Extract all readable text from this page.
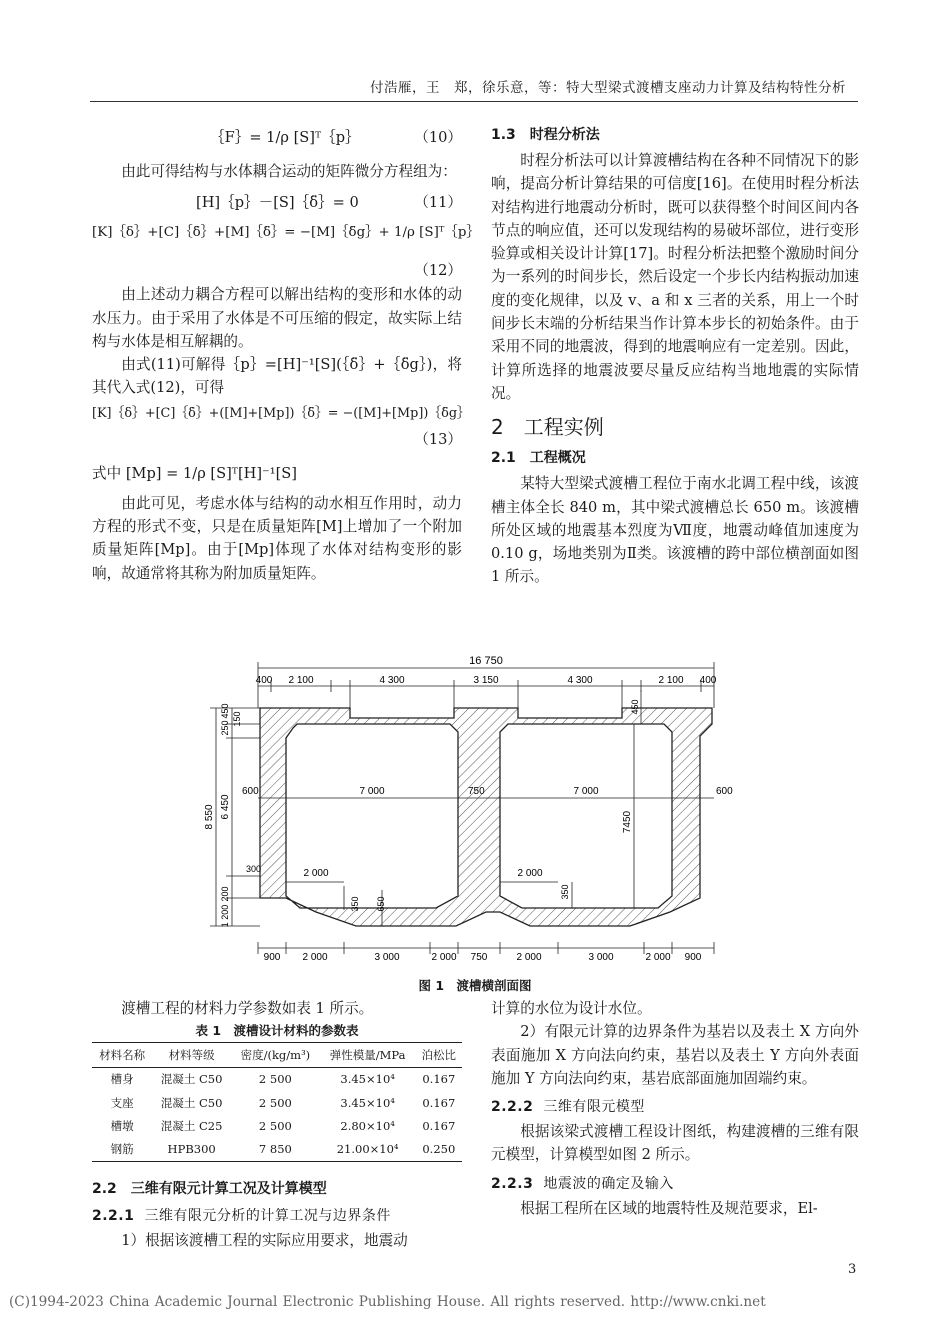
付浩雁，王　郑，徐乐意，等：特大型梁式渡槽支座动力计算及结构特性分析
｛F｝= 1/ρ [S]ᵀ｛p｝	（10）

由此可得结构与水体耦合运动的矩阵微分方程组为：

[H]｛p｝－[S]｛δ̈｝= 0	（11）
[K]｛δ｝+[C]｛δ̇｝+[M]｛δ̈｝= −[M]｛δ̈g｝+ 1/ρ [S]ᵀ｛p｝
（12）

由上述动力耦合方程可以解出结构的变形和水体的动水压力。由于采用了水体是不可压缩的假定，故实际上结构与水体是相互解耦的。

由式(11)可解得｛p｝=[H]⁻¹[S](｛δ̈｝+｛δ̈g｝)，将其代入式(12)，可得

[K]｛δ｝+[C]｛δ̇｝+([M]+[Mp])｛δ̈｝= −([M]+[Mp])｛δ̈g｝
（13）
式中 [Mp] = 1/ρ [S]ᵀ[H]⁻¹[S]

由此可见，考虑水体与结构的动水相互作用时，动力方程的形式不变，只是在质量矩阵[M]上增加了一个附加质量矩阵[Mp]。由于[Mp]体现了水体对结构变形的影响，故通常将其称为附加质量矩阵。

1.3　时程分析法

时程分析法可以计算渡槽结构在各种不同情况下的影响，提高分析计算结果的可信度[16]。在使用时程分析法对结构进行地震动分析时，既可以获得整个时间区间内各节点的响应值，还可以发现结构的易破坏部位，进行变形验算或相关设计计算[17]。时程分析法把整个激励时间分为一系列的时间步长，然后设定一个步长内结构振动加速度的变化规律，以及 v、a 和 x 三者的关系，用上一个时间步长末端的分析结果当作计算本步长的初始条件。由于采用不同的地震波，得到的地震响应有一定差别。因此，计算所选择的地震波要尽量反应结构当地地震的实际情况。

2　工程实例
2.1　工程概况

某特大型梁式渡槽工程位于南水北调工程中线，该渡槽主体全长 840 m，其中梁式渡槽总长 650 m。该渡槽所处区域的地震基本烈度为Ⅶ度，地震动峰值加速度为 0.10 g，场地类别为Ⅱ类。该渡槽的跨中部位横剖面如图 1 所示。

16 750
400 2 100	4 300	3 150	4 300	2 100 400
900 2 000	3 000	2 000 750	2 000	3 000	2 000 900
8 550
250
450
6 450
300
200
1 200
150
600	600
750
7 000	7 000
7450
450
2 000	2 000
350 650
350
图 1　渡槽横剖面图

渡槽工程的材料力学参数如表 1 所示。

表 1　渡槽设计材料的参数表
材料名称	材料等级	密度/(kg/m³)	弹性模量/MPa	泊松比
槽身	混凝土 C50	2 500	3.45×10⁴	0.167
支座	混凝土 C50	2 500	3.45×10⁴	0.167
槽墩	混凝土 C25	2 500	2.80×10⁴	0.167
钢筋	HPB300	7 850	21.00×10⁴	0.250
2.2　三维有限元计算工况及计算模型
2.2.1 三维有限元分析的计算工况与边界条件

1）根据该渡槽工程的实际应用要求，地震动

计算的水位为设计水位。

2）有限元计算的边界条件为基岩以及表土 X 方向外表面施加 X 方向法向约束，基岩以及表土 Y 方向外表面施加 Y 方向法向约束，基岩底部面施加固端约束。

2.2.2 三维有限元模型

根据该梁式渡槽工程设计图纸，构建渡槽的三维有限元模型，计算模型如图 2 所示。

2.2.3 地震波的确定及输入

根据工程所在区域的地震特性及规范要求，El-

3
(C)1994-2023 China Academic Journal Electronic Publishing House. All rights reserved. http://www.cnki.net
